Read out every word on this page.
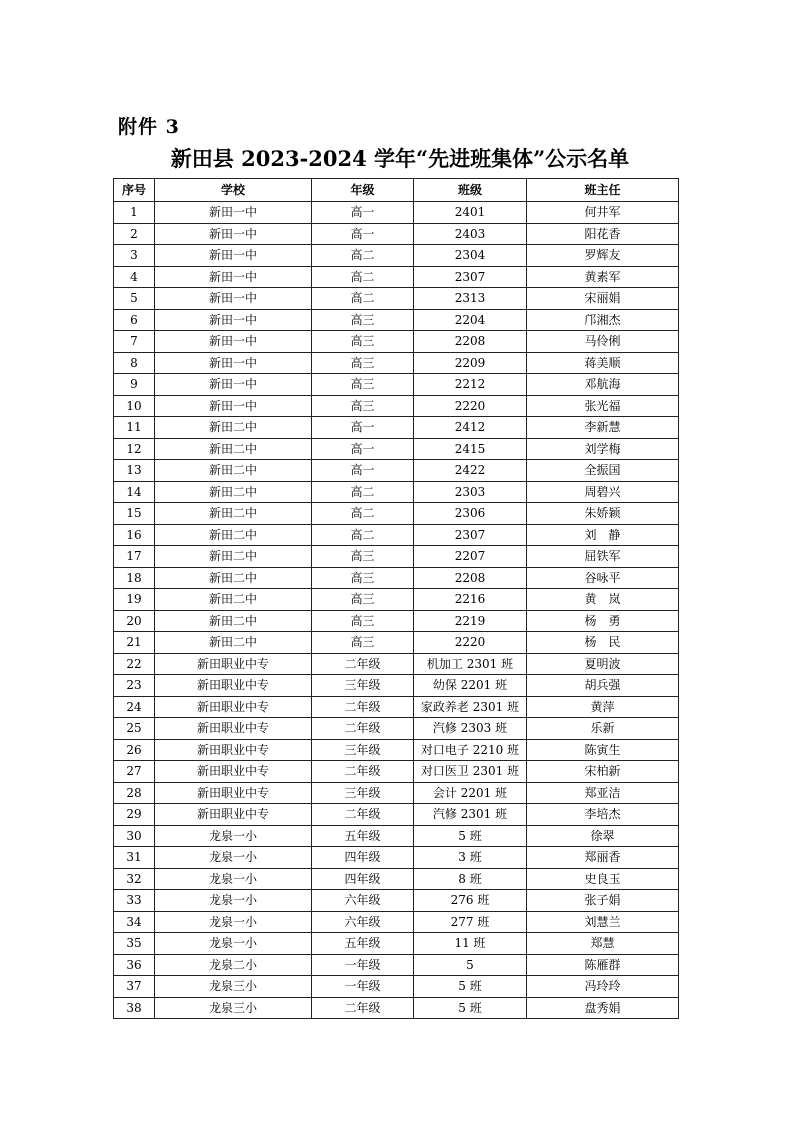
附件 3
新田县 2023-2024 学年“先进班集体”公示名单
序号	学校	年级	班级	班主任
1	新田一中	高一	2401	何井军
2	新田一中	高一	2403	阳花香
3	新田一中	高二	2304	罗辉友
4	新田一中	高二	2307	黄素军
5	新田一中	高二	2313	宋丽娟
6	新田一中	高三	2204	邝湘杰
7	新田一中	高三	2208	马伶俐
8	新田一中	高三	2209	蒋美顺
9	新田一中	高三	2212	邓航海
10	新田一中	高三	2220	张光福
11	新田二中	高一	2412	李新慧
12	新田二中	高一	2415	刘学梅
13	新田二中	高一	2422	全振国
14	新田二中	高二	2303	周碧兴
15	新田二中	高二	2306	朱娇颖
16	新田二中	高二	2307	刘　静
17	新田二中	高三	2207	屈铁军
18	新田二中	高三	2208	谷咏平
19	新田二中	高三	2216	黄　岚
20	新田二中	高三	2219	杨　勇
21	新田二中	高三	2220	杨　民
22	新田职业中专	二年级	机加工 2301 班	夏明波
23	新田职业中专	三年级	幼保 2201 班	胡兵强
24	新田职业中专	二年级	家政养老 2301 班	黄萍
25	新田职业中专	二年级	汽修 2303 班	乐新
26	新田职业中专	三年级	对口电子 2210 班	陈寅生
27	新田职业中专	二年级	对口医卫 2301 班	宋柏新
28	新田职业中专	三年级	会计 2201 班	郑亚洁
29	新田职业中专	二年级	汽修 2301 班	李培杰
30	龙泉一小	五年级	5 班	徐翠
31	龙泉一小	四年级	3 班	郑丽香
32	龙泉一小	四年级	8 班	史良玉
33	龙泉一小	六年级	276 班	张子娟
34	龙泉一小	六年级	277 班	刘慧兰
35	龙泉一小	五年级	11 班	郑慧
36	龙泉二小	一年级	5	陈雁群
37	龙泉三小	一年级	5 班	冯玲玲
38	龙泉三小	二年级	5 班	盘秀娟
